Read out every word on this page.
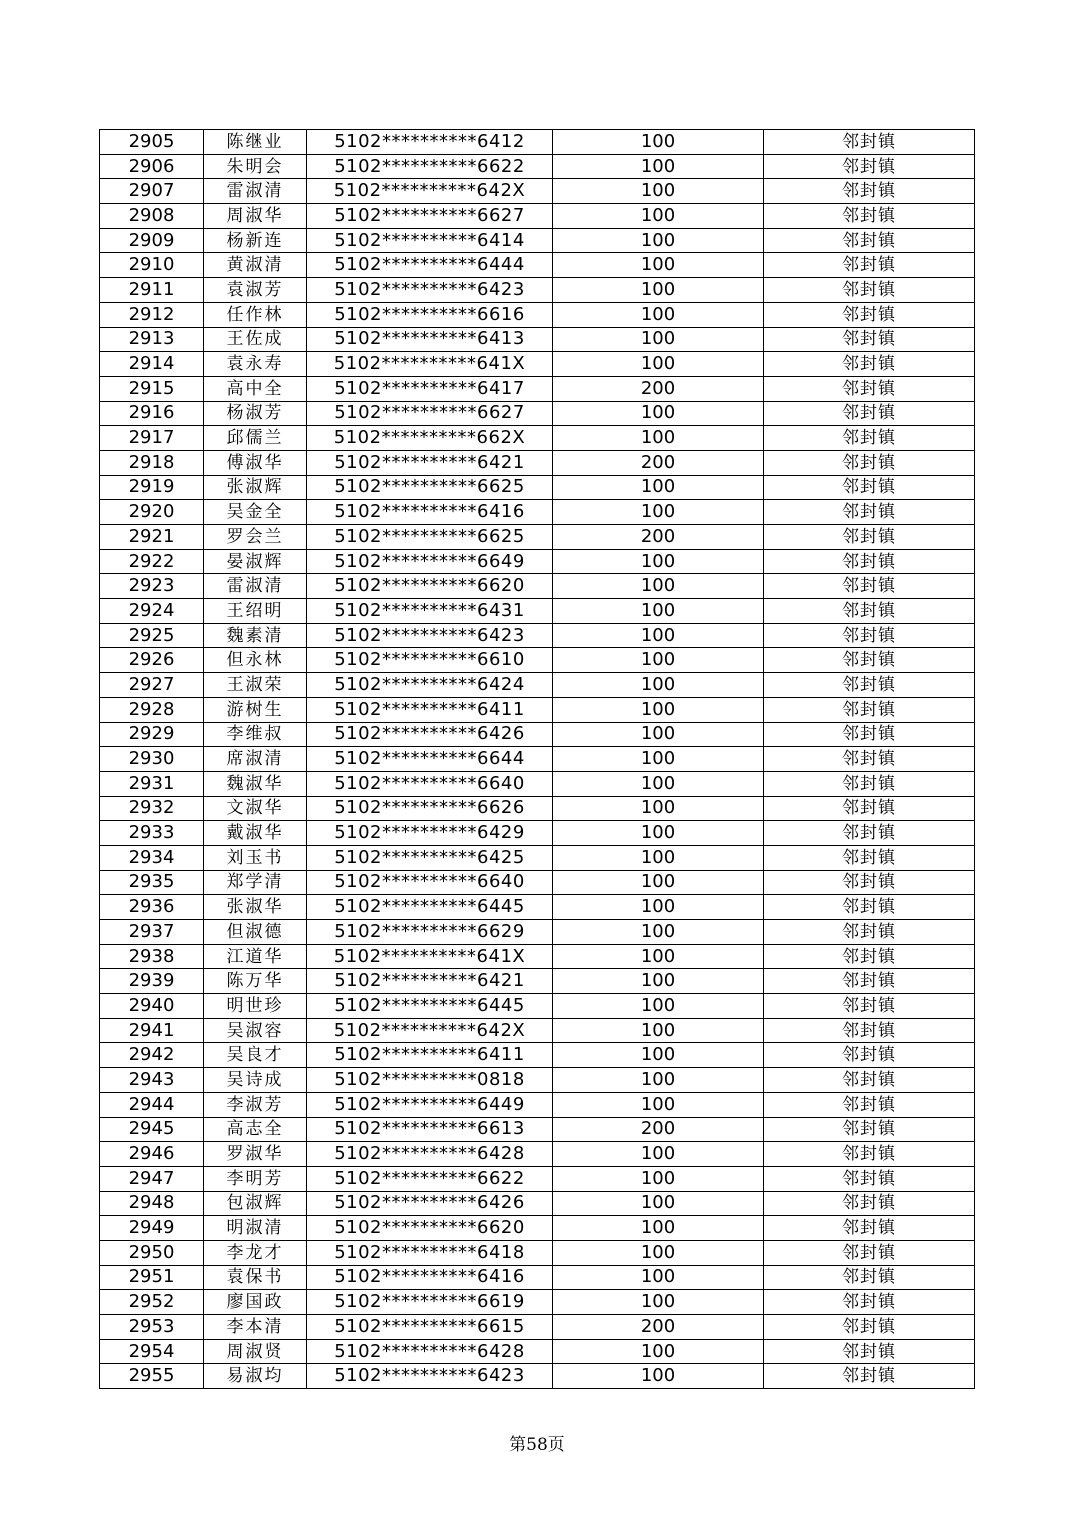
2905	陈继业	5102**********6412	100	邻封镇
2906	朱明会	5102**********6622	100	邻封镇
2907	雷淑清	5102**********642X	100	邻封镇
2908	周淑华	5102**********6627	100	邻封镇
2909	杨新连	5102**********6414	100	邻封镇
2910	黄淑清	5102**********6444	100	邻封镇
2911	袁淑芳	5102**********6423	100	邻封镇
2912	任作林	5102**********6616	100	邻封镇
2913	王佐成	5102**********6413	100	邻封镇
2914	袁永寿	5102**********641X	100	邻封镇
2915	高中全	5102**********6417	200	邻封镇
2916	杨淑芳	5102**********6627	100	邻封镇
2917	邱儒兰	5102**********662X	100	邻封镇
2918	傅淑华	5102**********6421	200	邻封镇
2919	张淑辉	5102**********6625	100	邻封镇
2920	吴金全	5102**********6416	100	邻封镇
2921	罗会兰	5102**********6625	200	邻封镇
2922	晏淑辉	5102**********6649	100	邻封镇
2923	雷淑清	5102**********6620	100	邻封镇
2924	王绍明	5102**********6431	100	邻封镇
2925	魏素清	5102**********6423	100	邻封镇
2926	但永林	5102**********6610	100	邻封镇
2927	王淑荣	5102**********6424	100	邻封镇
2928	游树生	5102**********6411	100	邻封镇
2929	李维叔	5102**********6426	100	邻封镇
2930	席淑清	5102**********6644	100	邻封镇
2931	魏淑华	5102**********6640	100	邻封镇
2932	文淑华	5102**********6626	100	邻封镇
2933	戴淑华	5102**********6429	100	邻封镇
2934	刘玉书	5102**********6425	100	邻封镇
2935	郑学清	5102**********6640	100	邻封镇
2936	张淑华	5102**********6445	100	邻封镇
2937	但淑德	5102**********6629	100	邻封镇
2938	江道华	5102**********641X	100	邻封镇
2939	陈万华	5102**********6421	100	邻封镇
2940	明世珍	5102**********6445	100	邻封镇
2941	吴淑容	5102**********642X	100	邻封镇
2942	吴良才	5102**********6411	100	邻封镇
2943	吴诗成	5102**********0818	100	邻封镇
2944	李淑芳	5102**********6449	100	邻封镇
2945	高志全	5102**********6613	200	邻封镇
2946	罗淑华	5102**********6428	100	邻封镇
2947	李明芳	5102**********6622	100	邻封镇
2948	包淑辉	5102**********6426	100	邻封镇
2949	明淑清	5102**********6620	100	邻封镇
2950	李龙才	5102**********6418	100	邻封镇
2951	袁保书	5102**********6416	100	邻封镇
2952	廖国政	5102**********6619	100	邻封镇
2953	李本清	5102**********6615	200	邻封镇
2954	周淑贤	5102**********6428	100	邻封镇
2955	易淑均	5102**********6423	100	邻封镇
第58页
